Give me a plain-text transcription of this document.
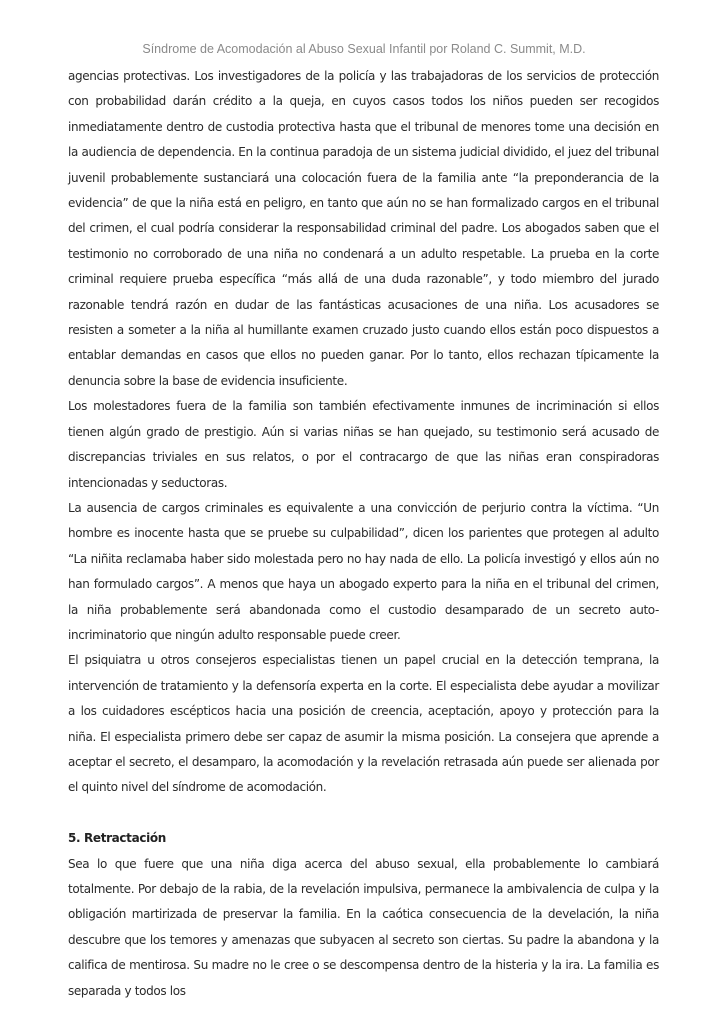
Síndrome de Acomodación al Abuso Sexual Infantil por Roland C. Summit, M.D.

agencias protectivas. Los investigadores de la policía y las trabajadoras de los servicios de protección con probabilidad darán crédito a la queja, en cuyos casos todos los niños pueden ser recogidos inmediatamente dentro de custodia protectiva hasta que el tribunal de menores tome una decisión en la audiencia de dependencia. En la continua paradoja de un sistema judicial dividido, el juez del tribunal juvenil probablemente sustanciará una colocación fuera de la familia ante “la preponderancia de la evidencia” de que la niña está en peligro, en tanto que aún no se han formalizado cargos en el tribunal del crimen, el cual podría considerar la responsabilidad criminal del padre. Los abogados saben que el testimonio no corroborado de una niña no condenará a un adulto respetable. La prueba en la corte criminal requiere prueba específica “más allá de una duda razonable”, y todo miembro del jurado razonable tendrá razón en dudar de las fantásticas acusaciones de una niña. Los acusadores se resisten a someter a la niña al humillante examen cruzado justo cuando ellos están poco dispuestos a entablar demandas en casos que ellos no pueden ganar. Por lo tanto, ellos rechazan típicamente la denuncia sobre la base de evidencia insuficiente.

Los molestadores fuera de la familia son también efectivamente inmunes de incriminación si ellos tienen algún grado de prestigio. Aún si varias niñas se han quejado, su testimonio será acusado de discrepancias triviales en sus relatos, o por el contracargo de que las niñas eran conspiradoras intencionadas y seductoras.

La ausencia de cargos criminales es equivalente a una convicción de perjurio contra la víctima. “Un hombre es inocente hasta que se pruebe su culpabilidad”, dicen los parientes que protegen al adulto “La niñita reclamaba haber sido molestada pero no hay nada de ello. La policía investigó y ellos aún no han formulado cargos”. A menos que haya un abogado experto para la niña en el tribunal del crimen, la niña probablemente será abandonada como el custodio desamparado de un secreto auto-incriminatorio que ningún adulto responsable puede creer.

El psiquiatra u otros consejeros especialistas tienen un papel crucial en la detección temprana, la intervención de tratamiento y la defensoría experta en la corte. El especialista debe ayudar a movilizar a los cuidadores escépticos hacia una posición de creencia, aceptación, apoyo y protección para la niña. El especialista primero debe ser capaz de asumir la misma posición. La consejera que aprende a aceptar el secreto, el desamparo, la acomodación y la revelación retrasada aún puede ser alienada por el quinto nivel del síndrome de acomodación.

5. Retractación

Sea lo que fuere que una niña diga acerca del abuso sexual, ella probablemente lo cambiará totalmente. Por debajo de la rabia, de la revelación impulsiva, permanece la ambivalencia de culpa y la obligación martirizada de preservar la familia. En la caótica consecuencia de la develación, la niña descubre que los temores y amenazas que subyacen al secreto son ciertas. Su padre la abandona y la califica de mentirosa. Su madre no le cree o se descompensa dentro de la histeria y la ira. La familia es separada y todos los
